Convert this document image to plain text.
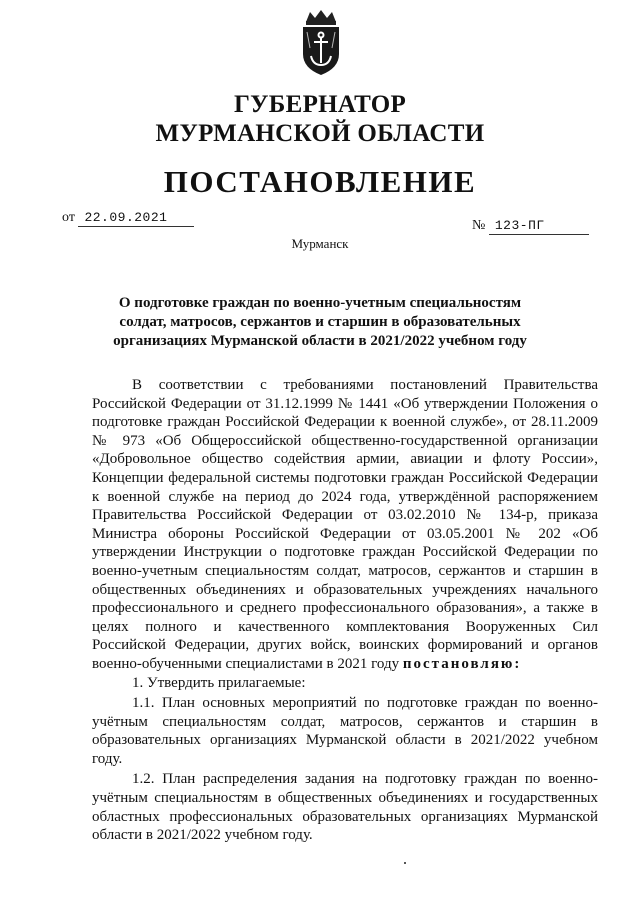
ГУБЕРНАТОР
МУРМАНСКОЙ ОБЛАСТИ
ПОСТАНОВЛЕНИЕ
от 22.09.2021
№ 123-ПГ
Мурманск
О подготовке граждан по военно-учетным специальностям солдат, матросов, сержантов и старшин в образовательных организациях Мурманской области в 2021/2022 учебном году

В соответствии с требованиями постановлений Правительства Российской Федерации от 31.12.1999 № 1441 «Об утверждении Положения о подготовке граждан Российской Федерации к военной службе», от 28.11.2009 № 973 «Об Общероссийской общественно-государственной организации «Добровольное общество содействия армии, авиации и флоту России», Концепции федеральной системы подготовки граждан Российской Федерации к военной службе на период до 2024 года, утверждённой распоряжением Правительства Российской Федерации от 03.02.2010 № 134-р, приказа Министра обороны Российской Федерации от 03.05.2001 № 202 «Об утверждении Инструкции о подготовке граждан Российской Федерации по военно-учетным специальностям солдат, матросов, сержантов и старшин в общественных объединениях и образовательных учреждениях начального профессионального и среднего профессионального образования», а также в целях полного и качественного комплектования Вооруженных Сил Российской Федерации, других войск, воинских формирований и органов военно-обученными специалистами в 2021 году постановляю:

1. Утвердить прилагаемые:

1.1. План основных мероприятий по подготовке граждан по военно-учётным специальностям солдат, матросов, сержантов и старшин в образовательных организациях Мурманской области в 2021/2022 учебном году.

1.2. План распределения задания на подготовку граждан по военно-учётным специальностям в общественных объединениях и государственных областных профессиональных образовательных организациях Мурманской области в 2021/2022 учебном году.
